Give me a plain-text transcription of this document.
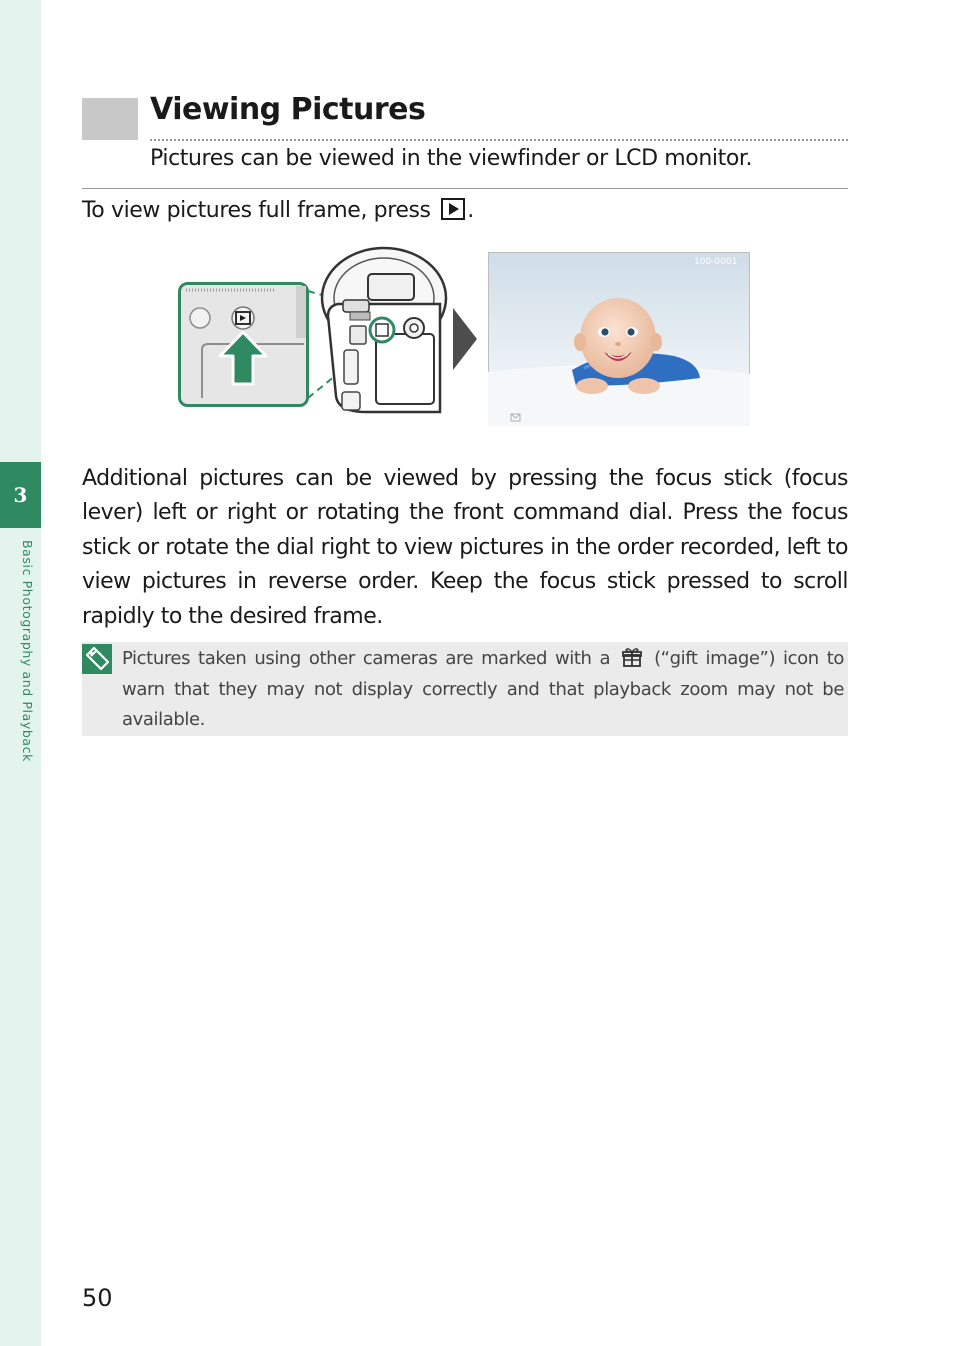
3
Basic Photography and Playback
Viewing Pictures

Pictures can be viewed in the viewfinder or LCD monitor.

To view pictures full frame, press .

100-0001

Additional pictures can be viewed by pressing the focus stick (focus lever) left or right or rotating the front command dial. Press the focus stick or rotate the dial right to view pictures in the order recorded, left to view pictures in reverse order. Keep the focus stick pressed to scroll rapidly to the desired frame.

Pictures taken using other cameras are marked with a (“gift image”) icon to warn that they may not display correctly and that playback zoom may not be available.

50
